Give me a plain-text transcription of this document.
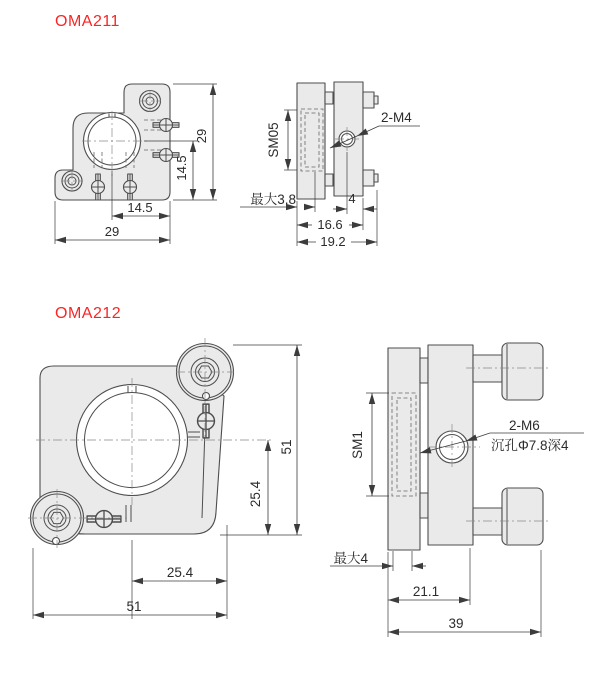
OMA211
OMA212
29
14.5
14.5
29
SM05
2-M4
最大3.8	4
16.6
19.2
51
25.4
25.4
51
SM1
2-M6
沉孔Φ7.8深4
最大4
21.1
39
